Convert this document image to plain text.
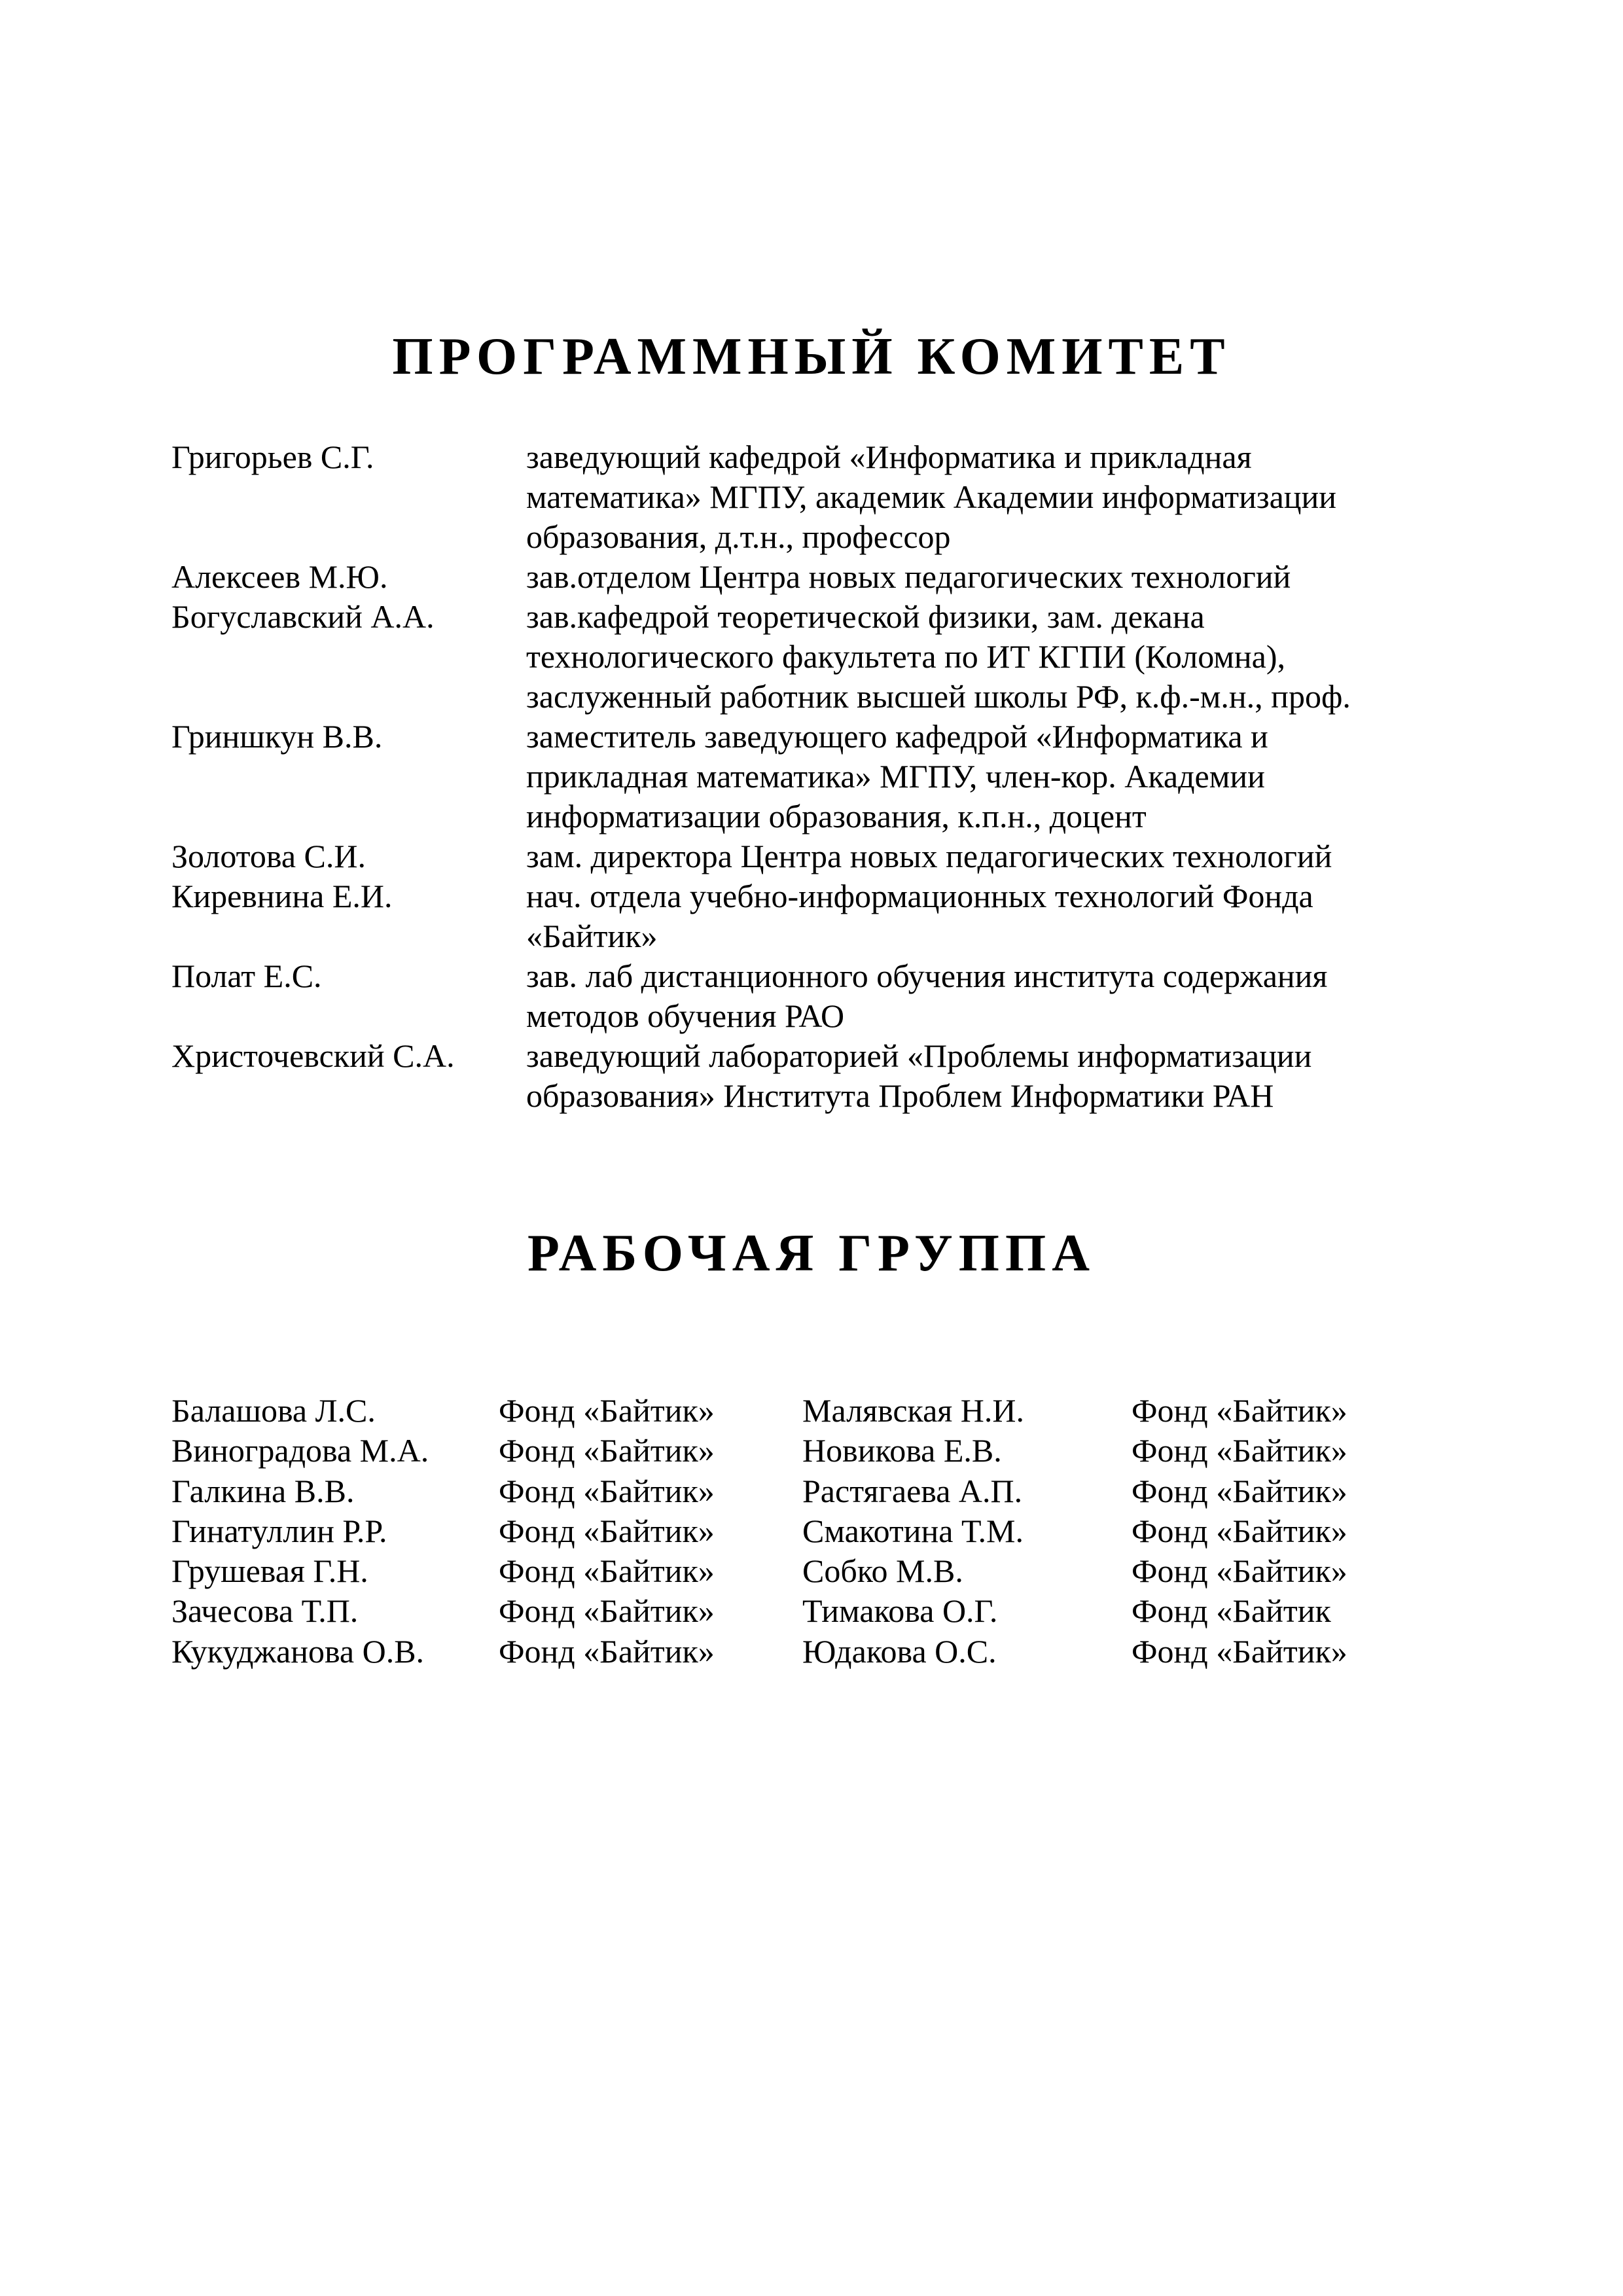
ПРОГРАММНЫЙ КОМИТЕТ
Григорьев С.Г.	заведующий кафедрой «Информатика и прикладная
математика» МГПУ, академик Академии информатизации
образования, д.т.н., профессор
Алексеев М.Ю.	зав.отделом Центра новых педагогических технологий
Богуславский А.А.	зав.кафедрой теоретической физики, зам. декана
технологического факультета по ИТ КГПИ (Коломна),
заслуженный работник высшей школы РФ, к.ф.-м.н., проф.
Гриншкун В.В.	заместитель заведующего кафедрой «Информатика и
прикладная математика» МГПУ, член-кор. Академии
информатизации образования, к.п.н., доцент
Золотова С.И.	зам. директора Центра новых педагогических технологий
Киревнина Е.И.	нач. отдела учебно-информационных технологий Фонда
«Байтик»
Полат Е.С.	зав. лаб дистанционного обучения института содержания
методов обучения РАО
Христочевский С.А.	заведующий лабораторией «Проблемы информатизации
образования» Института Проблем Информатики РАН
РАБОЧАЯ ГРУППА
Балашова Л.С.	Фонд «Байтик»	Малявская Н.И.	Фонд «Байтик»
Виноградова М.А.	Фонд «Байтик»	Новикова Е.В.	Фонд «Байтик»
Галкина В.В.	Фонд «Байтик»	Растягаева А.П.	Фонд «Байтик»
Гинатуллин Р.Р.	Фонд «Байтик»	Смакотина Т.М.	Фонд «Байтик»
Грушевая Г.Н.	Фонд «Байтик»	Собко М.В.	Фонд «Байтик»
Зачесова Т.П.	Фонд «Байтик»	Тимакова О.Г.	Фонд «Байтик
Кукуджанова О.В.	Фонд «Байтик»	Юдакова О.С.	Фонд «Байтик»
